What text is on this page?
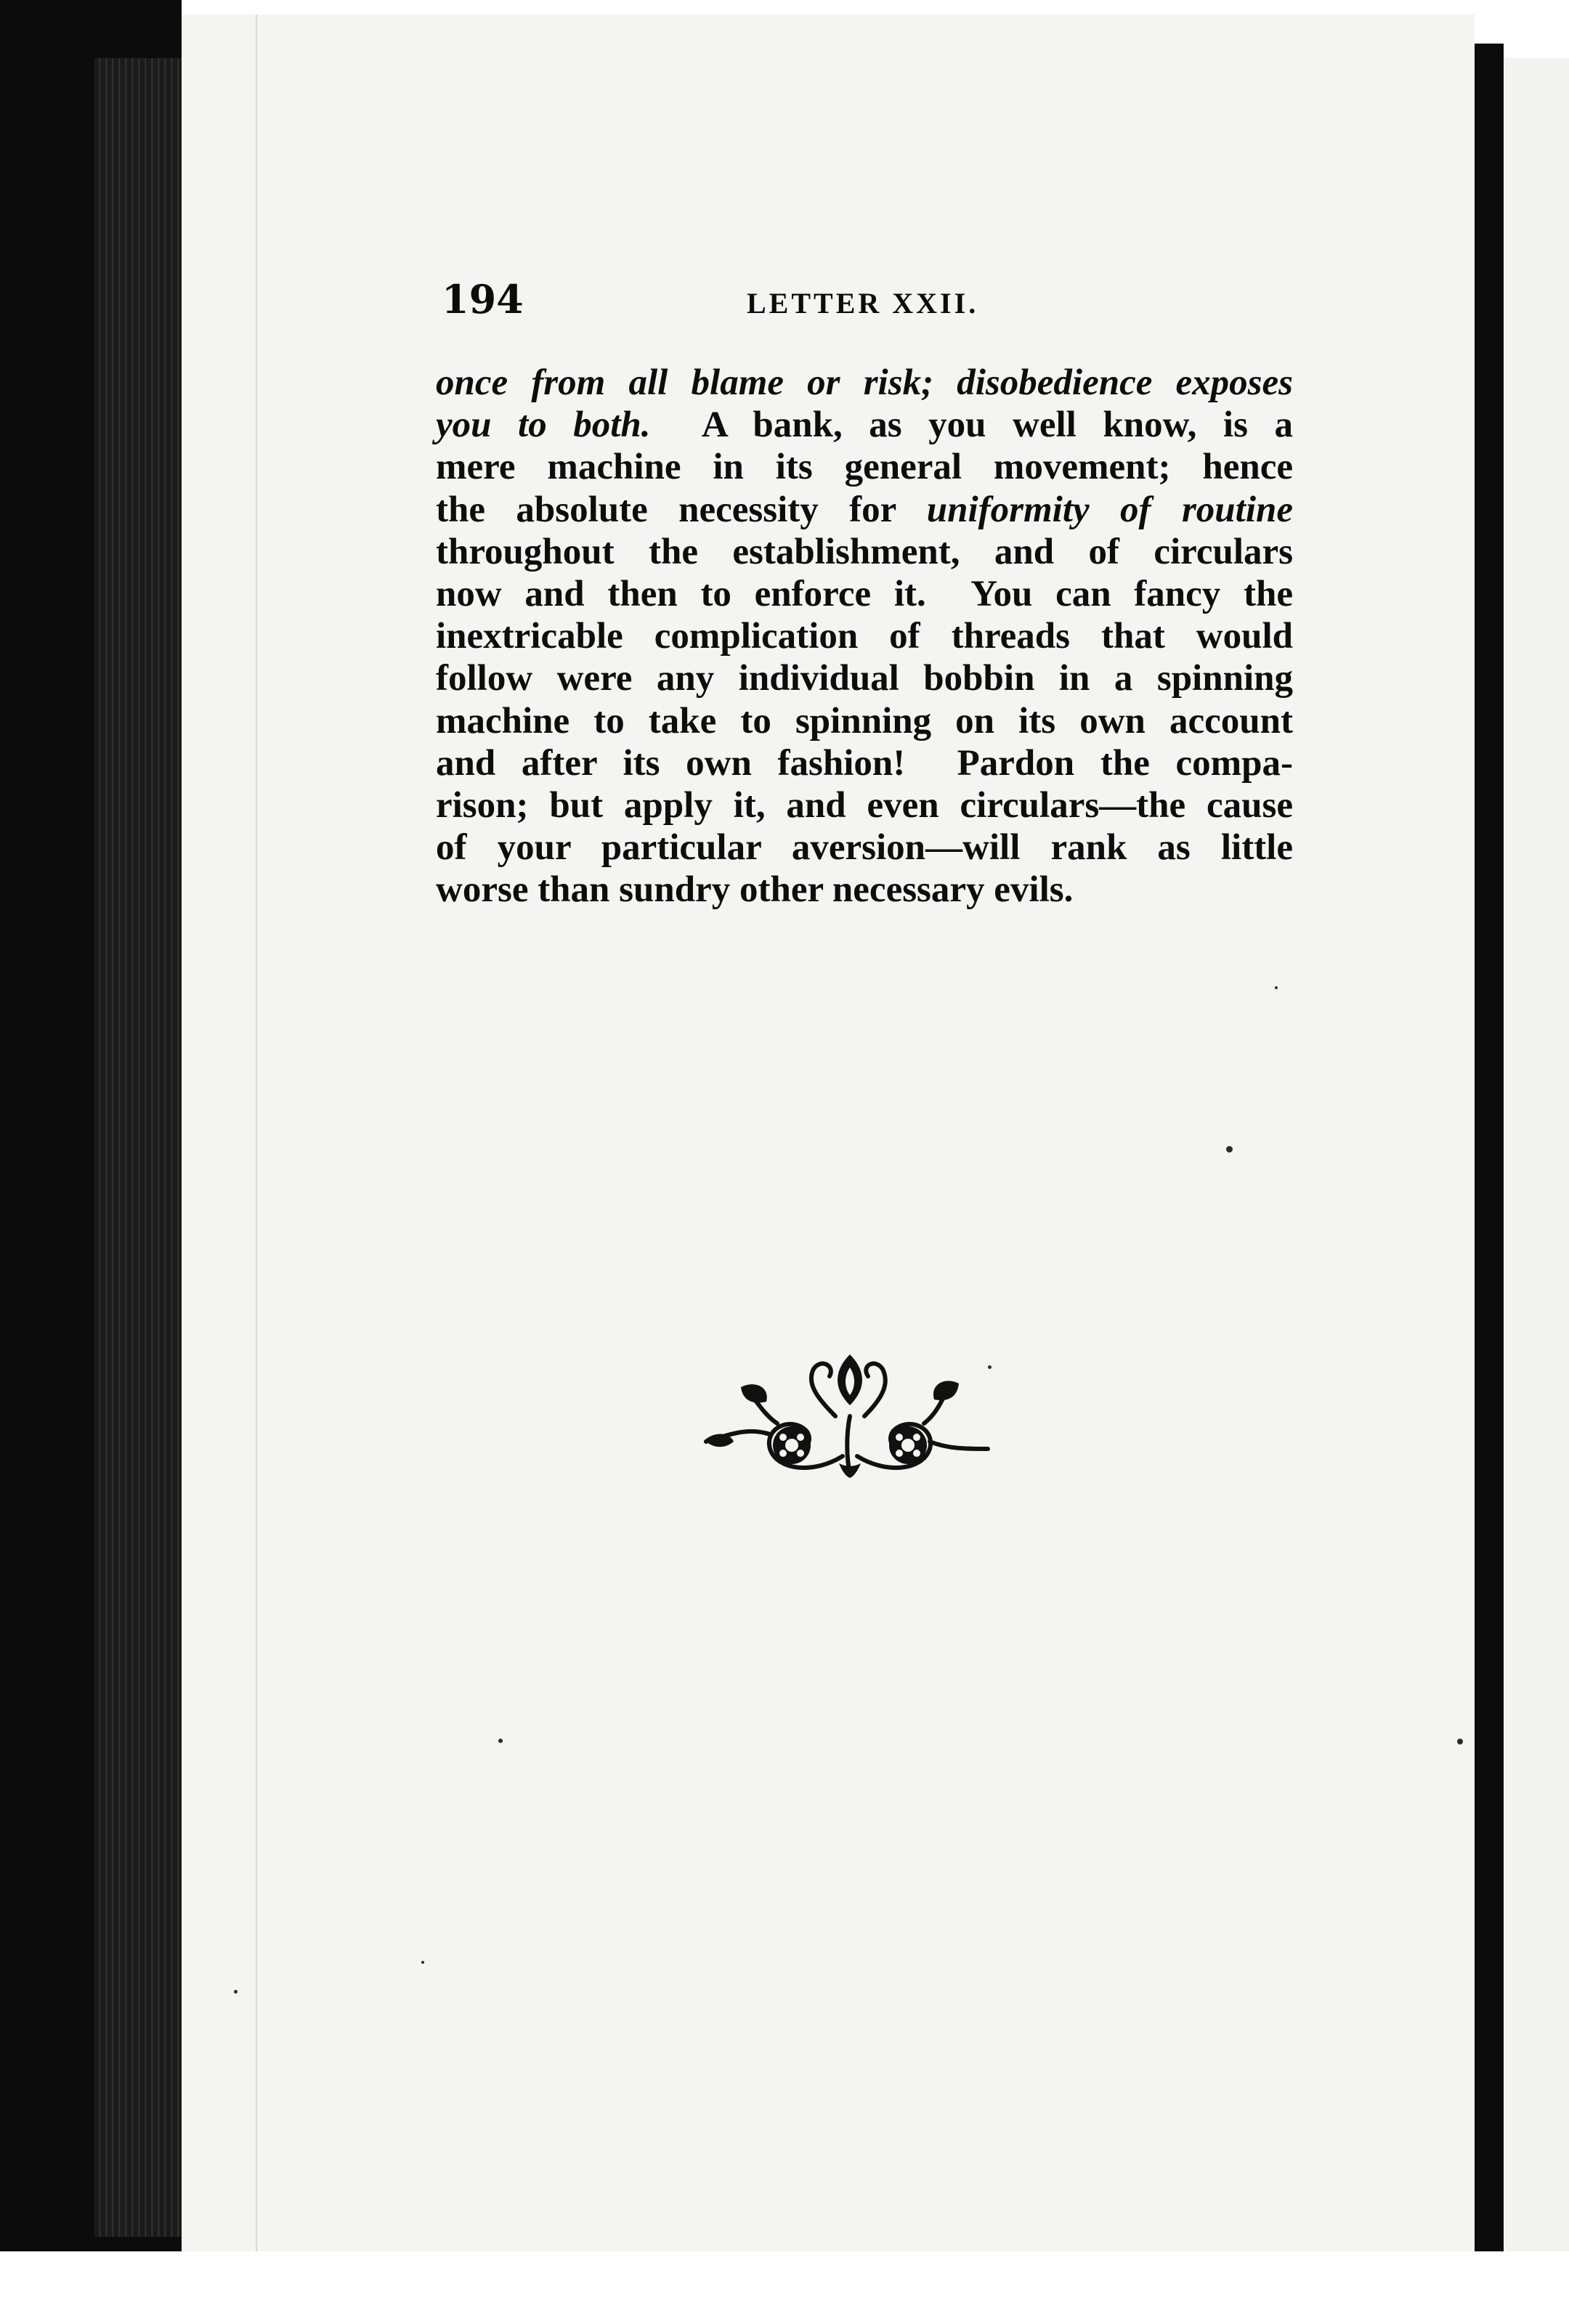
194	LETTER XXII.
once from all blame or risk; disobedience exposes
you to both.  A bank, as you well know, is a
mere machine in its general movement; hence
the absolute necessity for uniformity of routine
throughout the establishment, and of circulars
now and then to enforce it.  You can fancy the
inextricable complication of threads that would
follow were any individual bobbin in a spinning
machine to take to spinning on its own account
and after its own fashion!  Pardon the compa-
rison; but apply it, and even circulars—the cause
of your particular aversion—will rank as little
worse than sundry other necessary evils.
